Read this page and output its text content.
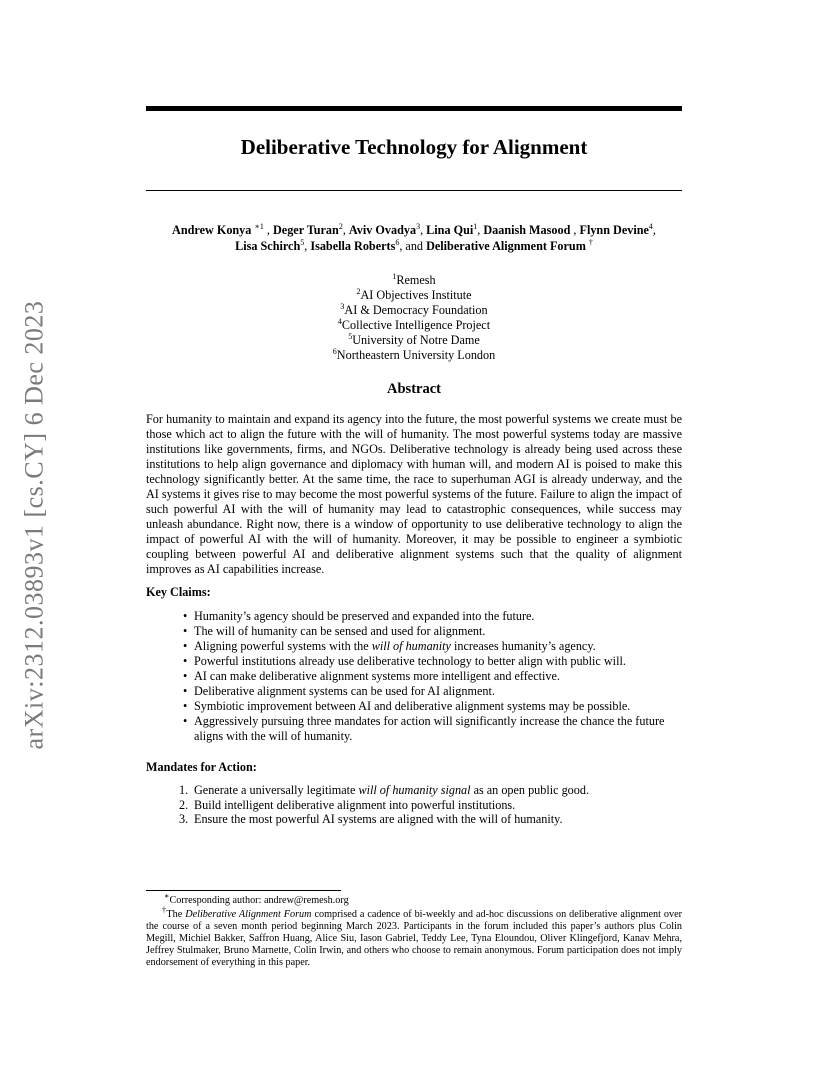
arXiv:2312.03893v1 [cs.CY] 6 Dec 2023
Deliberative Technology for Alignment
Andrew Konya $^{∗1}$ , Deger Turan$^2$, Aviv Ovadya$^3$, Lina Qui$^1$, Daanish Masood , Flynn Devine$^4$,
Lisa Schirch$^5$, Isabella Roberts$^6$, and Deliberative Alignment Forum †
$^1$Remesh
$^2$AI Objectives Institute
$^3$AI & Democracy Foundation
$^4$Collective Intelligence Project
$^5$University of Notre Dame
$^6$Northeastern University London
Abstract
For humanity to maintain and expand its agency into the future, the most powerful systems we create must be those which act to align the future with the will of humanity. The most powerful systems today are massive institutions like governments, firms, and NGOs. Deliberative technology is already being used across these institutions to help align governance and diplomacy with human will, and modern AI is poised to make this technology significantly better. At the same time, the race to superhuman AGI is already underway, and the AI systems it gives rise to may become the most powerful systems of the future. Failure to align the impact of such powerful AI with the will of humanity may lead to catastrophic consequences, while success may unleash abundance. Right now, there is a window of opportunity to use deliberative technology to align the impact of powerful AI with the will of humanity. Moreover, it may be possible to engineer a symbiotic coupling between powerful AI and deliberative alignment systems such that the quality of alignment improves as AI capabilities increase.
Key Claims:
• Humanity’s agency should be preserved and expanded into the future.
• The will of humanity can be sensed and used for alignment.
• Aligning powerful systems with the will of humanity increases humanity’s agency.
• Powerful institutions already use deliberative technology to better align with public will.
• AI can make deliberative alignment systems more intelligent and effective.
• Deliberative alignment systems can be used for AI alignment.
• Symbiotic improvement between AI and deliberative alignment systems may be possible.
• Aggressively pursuing three mandates for action will significantly increase the chance the future aligns with the will of humanity.
Mandates for Action:
1. Generate a universally legitimate will of humanity signal as an open public good.
2. Build intelligent deliberative alignment into powerful institutions.
3. Ensure the most powerful AI systems are aligned with the will of humanity.
∗Corresponding author: andrew@remesh.org
†The Deliberative Alignment Forum comprised a cadence of bi-weekly and ad-hoc discussions on deliberative alignment over the course of a seven month period beginning March 2023. Participants in the forum included this paper’s authors plus Colin Megill, Michiel Bakker, Saffron Huang, Alice Siu, Iason Gabriel, Teddy Lee, Tyna Eloundou, Oliver Klingefjord, Kanav Mehra, Jeffrey Stulmaker, Bruno Marnette, Colin Irwin, and others who choose to remain anonymous. Forum participation does not imply endorsement of everything in this paper.
